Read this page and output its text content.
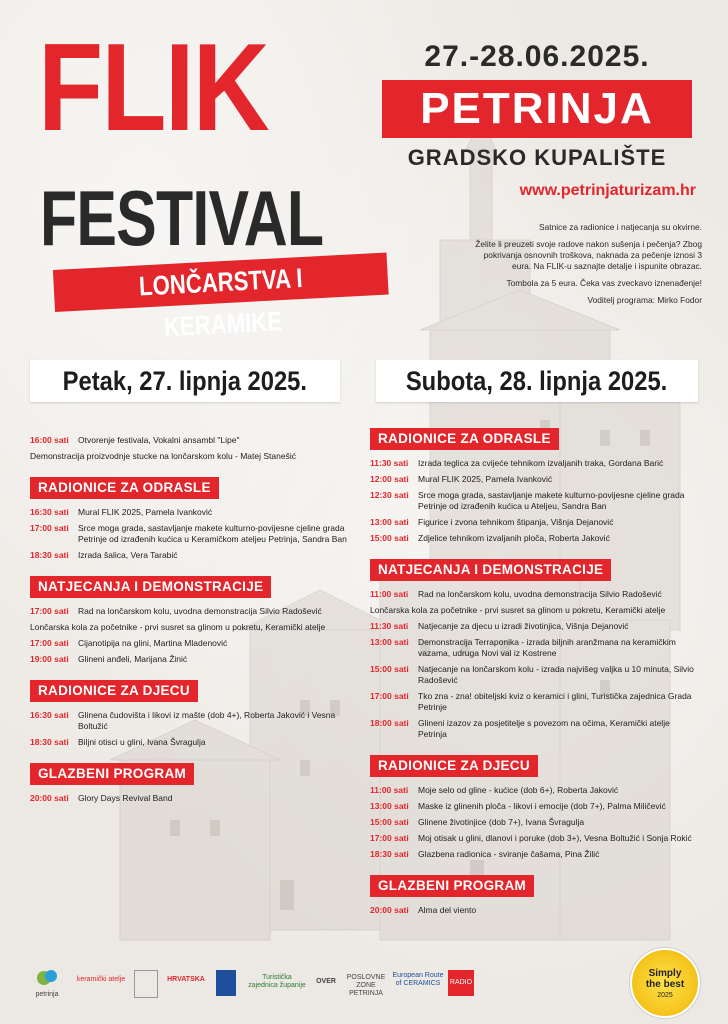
FLIK
FESTIVAL
LONČARSTVA I KERAMIKE
27.-28.06.2025.
PETRINJA
GRADSKO KUPALIŠTE
www.petrinjaturizam.hr

Satnice za radionice i natjecanja su okvirne.

Želite li preuzeti svoje radove nakon sušenja i pečenja? Zbog pokrivanja osnovnih troškova, naknada za pečenje iznosi 3 eura. Na FLIK-u saznajte detalje i ispunite obrazac.

Tombola za 5 eura. Čeka vas zveckavo iznenađenje!

Voditelj programa: Mirko Fodor

Petak, 27. lipnja 2025.	Subota, 28. lipnja 2025.
16:00 sati	Otvorenje festivala, Vokalni ansambl "Lipe"
Demonstracija proizvodnje stucke na lončarskom kolu - Matej Stanešić
RADIONICE ZA ODRASLE
16:30 sati	Mural FLIK 2025, Pamela Ivanković
17:00 sati	Srce moga grada, sastavljanje makete kulturno-povijesne cjeline grada Petrinje od izrađenih kućica u Keramičkom ateljeu Petrinja, Sandra Ban
18:30 sati	Izrada šalica, Vera Tarabić
NATJECANJA I DEMONSTRACIJE
17:00 sati	Rad na lončarskom kolu, uvodna demonstracija Silvio Radošević
Lončarska kola za početnike - prvi susret sa glinom u pokretu, Keramički atelje
17:00 sati	Cijanotipija na glini, Martina Mladenović
19:00 sati	Glineni anđeli, Marijana Žinić
RADIONICE ZA DJECU
16:30 sati	Glinena čudovišta i likovi iz mašte (dob 4+), Roberta Jaković i Vesna Boltužić
18:30 sati	Biljni otisci u glini, Ivana Švragulja
GLAZBENI PROGRAM
20:00 sati	Glory Days Revival Band
RADIONICE ZA ODRASLE
11:30 sati	Izrada teglica za cvijeće tehnikom izvaljanih traka, Gordana Barić
12:00 sati	Mural FLIK 2025, Pamela Ivanković
12:30 sati	Srce moga grada, sastavljanje makete kulturno-povijesne cjeline grada Petrinje od izrađenih kućica u Ateljeu, Sandra Ban
13:00 sati	Figurice i zvona tehnikom štipanja, Višnja Dejanović
15:00 sati	Zdjelice tehnikom izvaljanih ploča, Roberta Jaković
NATJECANJA I DEMONSTRACIJE
11:00 sati	Rad na lončarskom kolu, uvodna demonstracija Silvio Radošević
Lončarska kola za početnike - prvi susret sa glinom u pokretu, Keramički atelje
11:30 sati	Natjecanje za djecu u izradi životinjica, Višnja Dejanović
13:00 sati	Demonstracija Terraponika - izrada biljnih aranžmana na keramičkim vazama, udruga Novi val iz Kostrene
15:00 sati	Natjecanje na lončarskom kolu - izrada najvišeg valjka u 10 minuta, Silvio Radošević
17:00 sati	Tko zna - zna! obiteljski kviz o keramici i glini, Turistička zajednica Grada Petrinje
18:00 sati	Glineni izazov za posjetitelje s povezom na očima, Keramički atelje Petrinja
RADIONICE ZA DJECU
11:00 sati	Moje selo od gline - kućice (dob 6+), Roberta Jaković
13:00 sati	Maske iz glinenih ploča - likovi i emocije (dob 7+), Palma Miličević
15:00 sati	Glinene životinjice (dob 7+), Ivana Švragulja
17:00 sati	Moj otisak u glini, dlanovi i poruke (dob 3+), Vesna Boltužić i Sonja Rokić
18:30 sati	Glazbena radionica - sviranje čašama, Pina Žilić
GLAZBENI PROGRAM
20:00 sati	Alma del viento
petrinja
keramički atelje	HRVATSKA	Turistička zajednica županije
OVER
POSLOVNE ZONE PETRINJA
European Route of CERAMICS	RADIO
Simply
the best
2025
